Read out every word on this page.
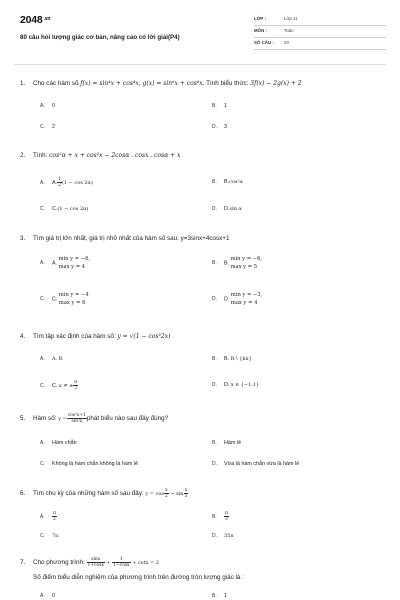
$2048^{.vn}$
80 câu hỏi lượng giác cơ bản, nâng cao có lời giải(P4)
LỚP :	Lớp 11
MÔN :	Toán
SỐ CÂU : 20
1. Cho các hàm số f(x) = sin⁴x + cos⁴x, g(x) = sin⁶x + cos⁶x. Tính biểu thức: 3f(x) − 2g(x) + 2
A. 0	B. 1
C. 2	D. 3
2. Tính: cos²α + x + cos²x − 2cosα . cosx . cosα + x
A. A. $\frac{1}{2} (1 - \cos 2\alpha)$	B. B.cos²α
C. C.(1 − cos 2α)	D. D.sin α
3. Tìm giá trị lớn nhất, giá trị nhỏ nhất của hàm số sau: y=3sinx+4cosx+1
A. A.
min y = −6,
max y = 4
B. B.
min y = −6,
max y = 5
C. C.
min y = −4
max y = 6
D. D.
min y = −3,
max y = 4
4. Tìm tập xác định của hàm số: y = √(1 − cos²2x)
A. A. R	B. B. R \ {kπ}
C. C. x ≠ ± $\frac{\pi}{2}$	D. D. x ∈ {−1;1}
5. Hàm số: $y = \frac{\text{cos²x+1}}{\text{sin³x}}$ phát biểu nào sau đây đúng?
A. Hàm chẵn	B. Hàm lẻ
C. Không là hàm chẵn không là hàm lẻ	D. Vừa là hàm chẵn vừa là hàm lẻ
6. Tìm chu kỳ của những hàm số sau đây: $y = \cos \frac{x}{2} - \sin \frac{x}{5}$
A. $\frac{\pi}{2}$	B. $\frac{\pi}{3}$
C. 7π	D. 35π
7. Cho phương trình: $\frac{\sin x}{1+\cos x} + \frac{1}{1-\cos x} + \cot x = 2$
Số điểm biểu diễn nghiệm của phương trình trên đường tròn lượng giác là :
A. 0	B. 1
